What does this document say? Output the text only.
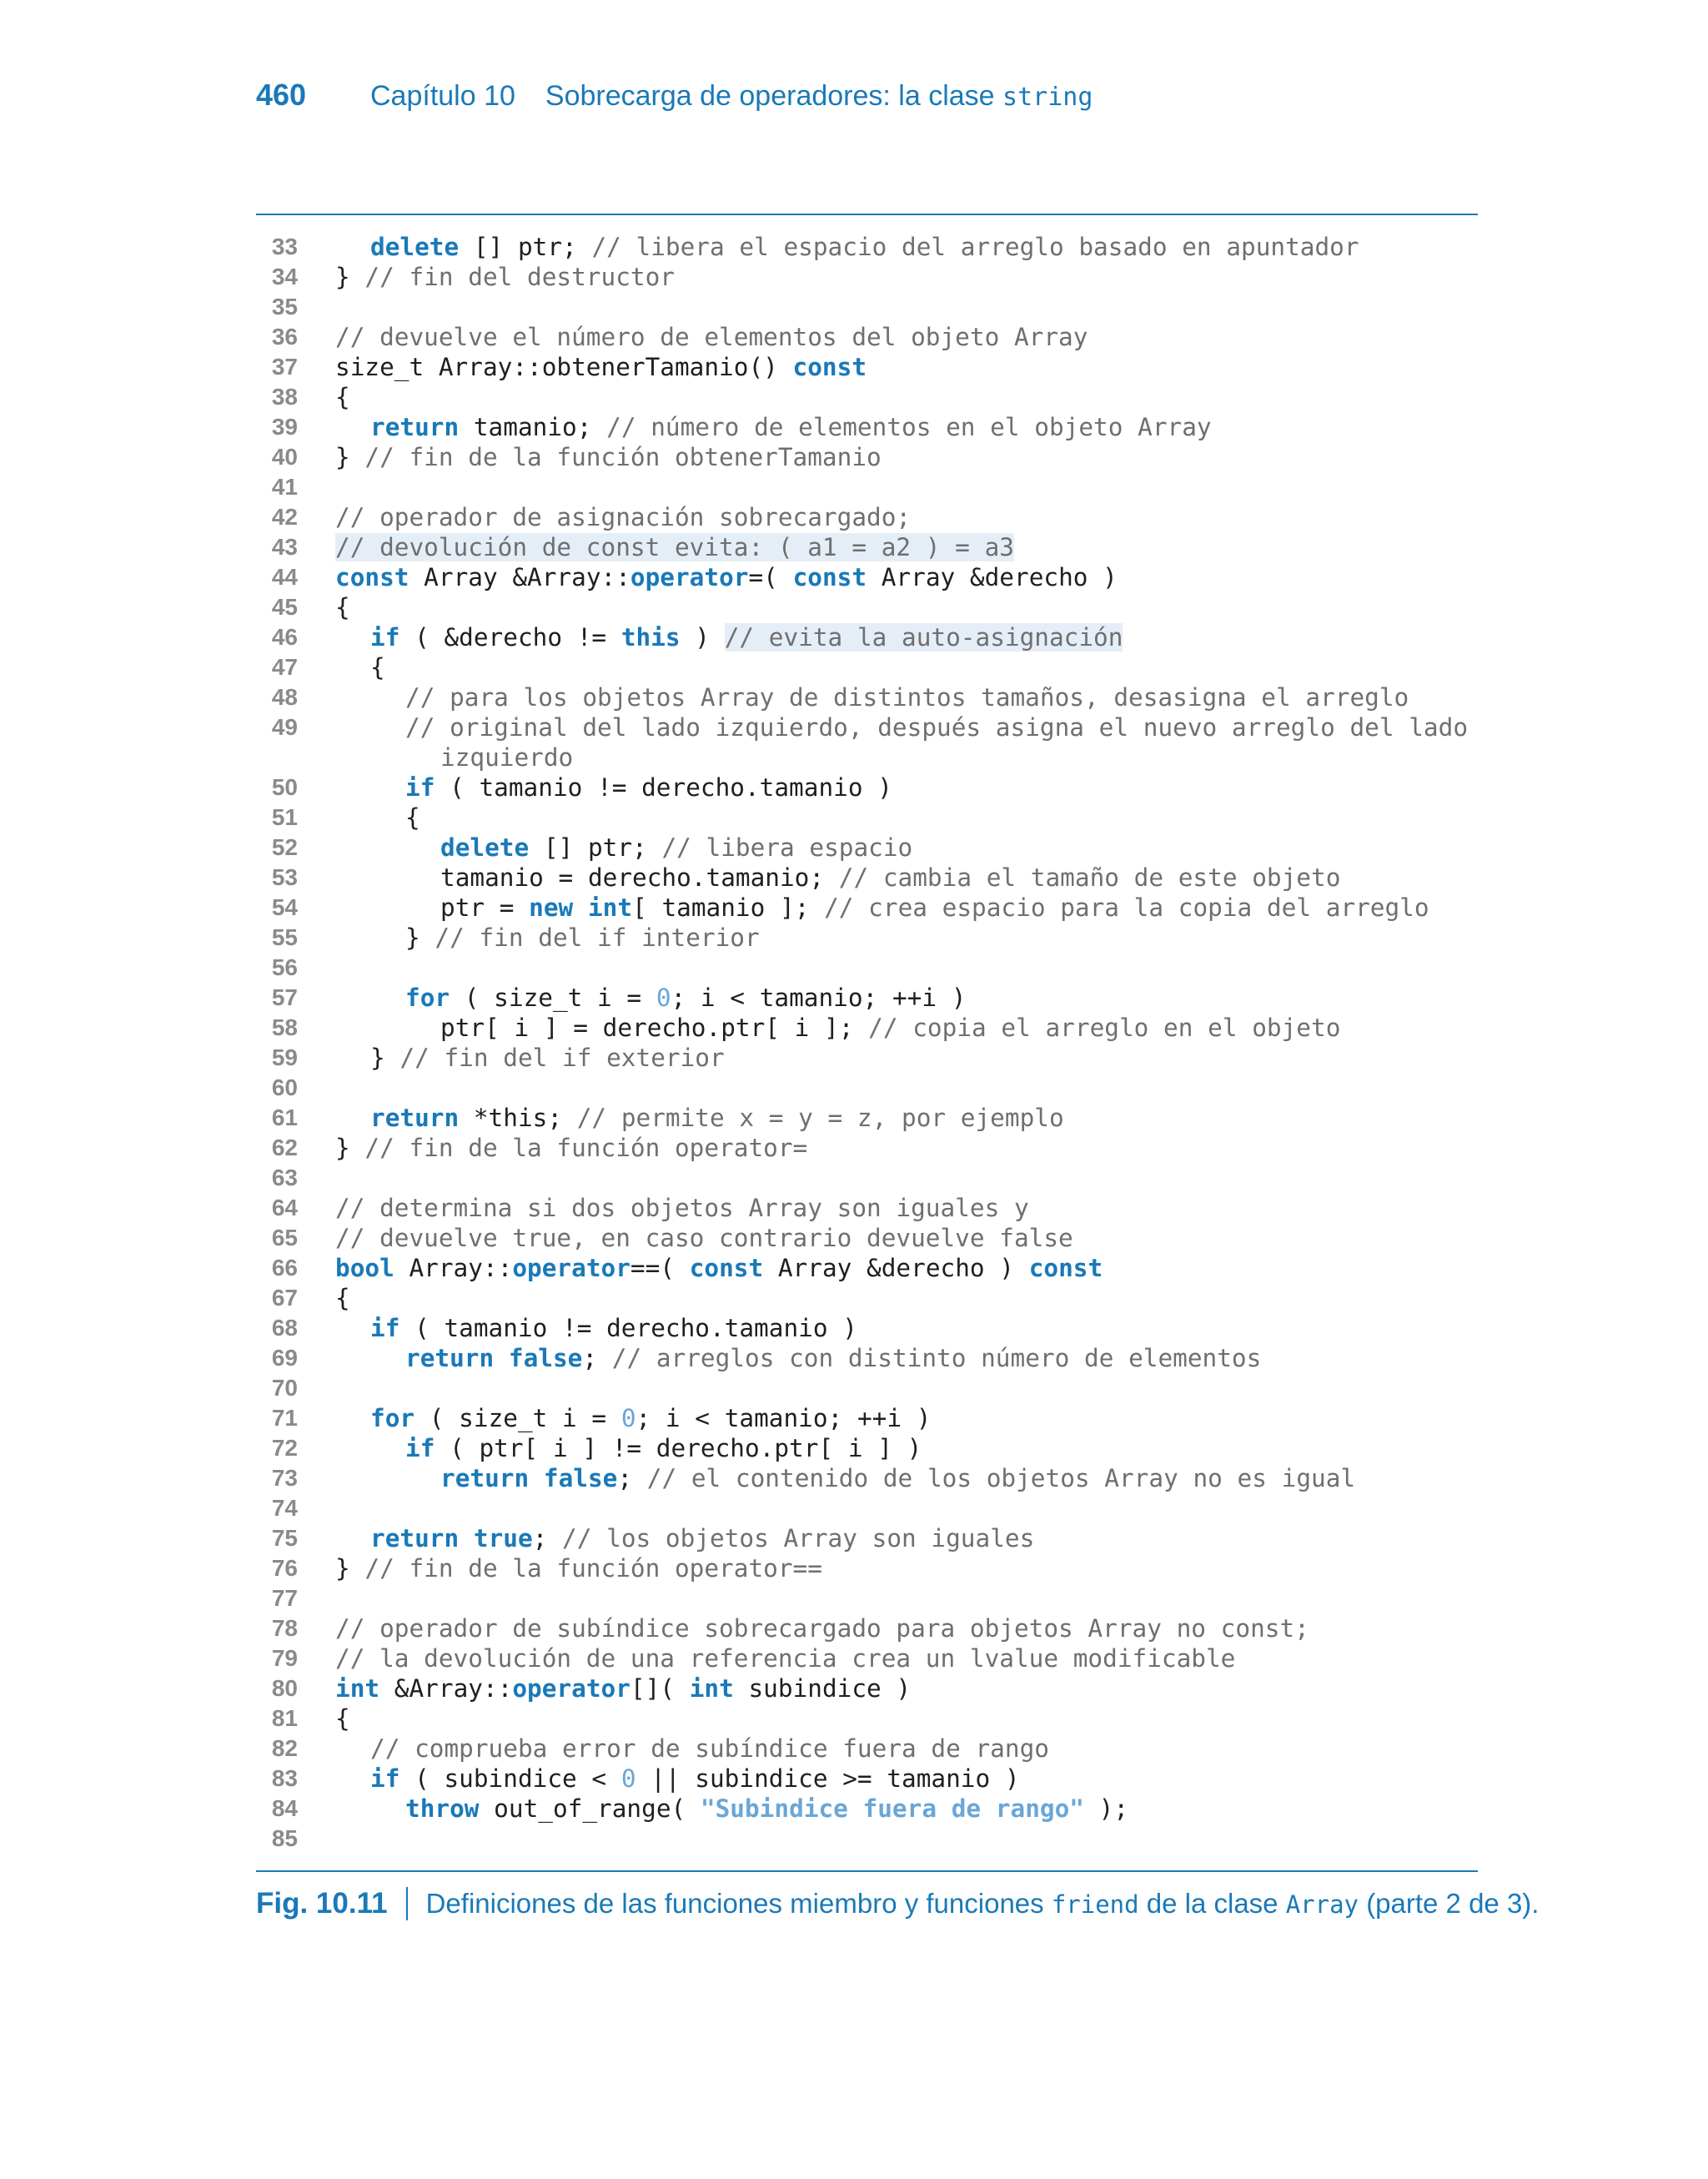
460	Capítulo 10 Sobrecarga de operadores: la clase
string
33	delete [] ptr; // libera el espacio del arreglo basado en apuntador
34 } // fin del destructor
35
36 // devuelve el número de elementos del objeto Array
37 size_t Array::obtenerTamanio() const
38 {
39	return tamanio; // número de elementos en el objeto Array
40 } // fin de la función obtenerTamanio
41
42 // operador de asignación sobrecargado;
43 // devolución de const evita: ( a1 = a2 ) = a3
44 const Array &Array::operator=( const Array &derecho )
45 {
46	if ( &derecho != this ) // evita la auto-asignación
47	{
48	// para los objetos Array de distintos tamaños, desasigna el arreglo
49	// original del lado izquierdo, después asigna el nuevo arreglo del lado
izquierdo
50	if ( tamanio != derecho.tamanio )
51	{
52	delete [] ptr; // libera espacio
53	tamanio = derecho.tamanio; // cambia el tamaño de este objeto
54	ptr = new int[ tamanio ]; // crea espacio para la copia del arreglo
55	} // fin del if interior
56
57	for ( size_t i = 0; i < tamanio; ++i )
58	ptr[ i ] = derecho.ptr[ i ]; // copia el arreglo en el objeto
59	} // fin del if exterior
60
61	return *this; // permite x = y = z, por ejemplo
62 } // fin de la función operator=
63
64 // determina si dos objetos Array son iguales y
65 // devuelve true, en caso contrario devuelve false
66 bool Array::operator==( const Array &derecho ) const
67 {
68	if ( tamanio != derecho.tamanio )
69	return false; // arreglos con distinto número de elementos
70
71	for ( size_t i = 0; i < tamanio; ++i )
72	if ( ptr[ i ] != derecho.ptr[ i ] )
73	return false; // el contenido de los objetos Array no es igual
74
75	return true; // los objetos Array son iguales
76 } // fin de la función operator==
77
78 // operador de subíndice sobrecargado para objetos Array no const;
79 // la devolución de una referencia crea un lvalue modificable
80 int &Array::operator[]( int subindice )
81 {
82	// comprueba error de subíndice fuera de rango
83	if ( subindice < 0 || subindice >= tamanio )
84	throw out_of_range( "Subindice fuera de rango" );
85
Fig. 10.11 Definiciones de las funciones miembro y funciones
friend
de la clase
Array
(parte 2 de 3).
